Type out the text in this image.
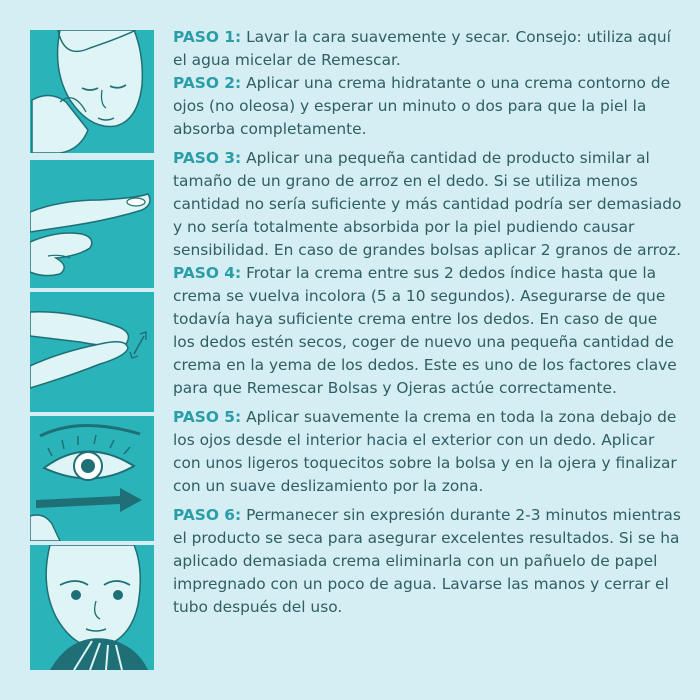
PASO 1: Lavar la cara suavemente y secar. Consejo: utiliza aquí el agua micelar de Remescar.

PASO 2: Aplicar una crema hidratante o una crema contorno de ojos (no oleosa) y esperar un minuto o dos para que la piel la absorba completamente.

PASO 3: Aplicar una pequeña cantidad de producto similar al tamaño de un grano de arroz en el dedo. Si se utiliza menos cantidad no sería suficiente y más cantidad podría ser demasiado y no sería totalmente absorbida por la piel pudiendo causar sensibilidad. En caso de grandes bolsas aplicar 2 granos de arroz.

PASO 4: Frotar la crema entre sus 2 dedos índice hasta que la crema se vuelva incolora (5 a 10 segundos). Asegurarse de que todavía haya suficiente crema entre los dedos. En caso de que los dedos estén secos, coger de nuevo una pequeña cantidad de crema en la yema de los dedos. Este es uno de los factores clave para que Remescar Bolsas y Ojeras actúe correctamente.

PASO 5: Aplicar suavemente la crema en toda la zona debajo de los ojos desde el interior hacia el exterior con un dedo. Aplicar con unos ligeros toquecitos sobre la bolsa y en la ojera y finalizar con un suave deslizamiento por la zona.

PASO 6: Permanecer sin expresión durante 2-3 minutos mientras el producto se seca para asegurar excelentes resultados. Si se ha aplicado demasiada crema eliminarla con un pañuelo de papel impregnado con un poco de agua. Lavarse las manos y cerrar el tubo después del uso.
